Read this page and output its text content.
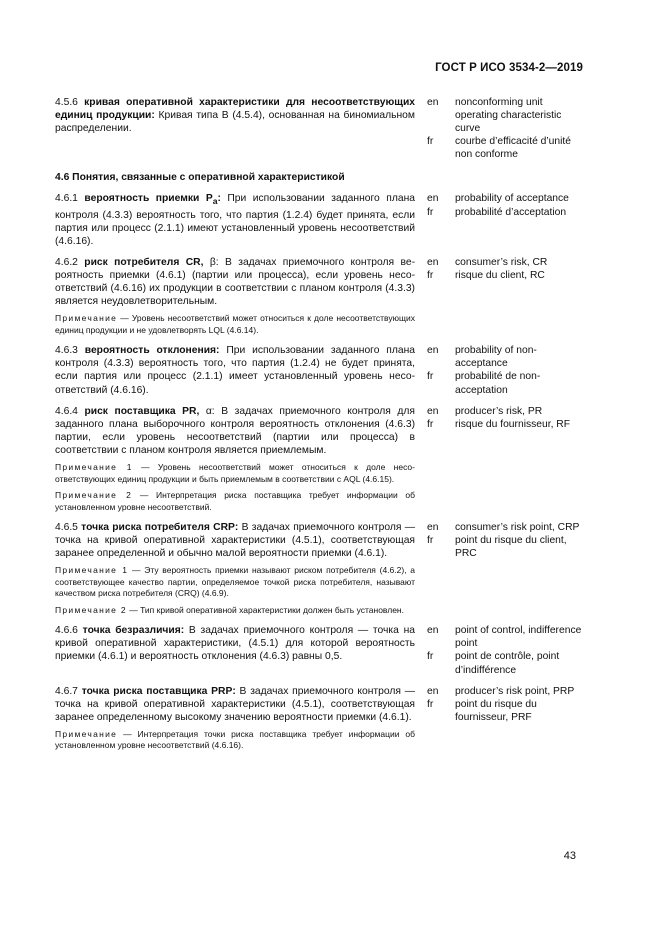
ГОСТ Р ИСО 3534-2—2019
4.5.6 кривая оперативной характеристики для несоответствующих единиц продукции: Кривая типа B (4.5.4), основанная на биномиальном распределении.
en	nonconforming unit operating characteristic curve
fr	courbe d’efficacité d’unité non conforme
4.6 Понятия, связанные с оперативной характеристикой
4.6.1 вероятность приемки $P_a$: При использовании заданного плана контроля (4.3.3) вероятность того, что партия (1.2.4) будет принята, если партия или процесс (2.1.1) имеют установленный уровень несоответствий (4.6.16).
en	probability of acceptance
fr	probabilité d’acceptation
4.6.2 риск потребителя CR, β: В задачах приемочного контроля вероятность приемки (4.6.1) (партии или процесса), если уровень несоответствий (4.6.16) их продукции в соответствии с планом контроля (4.3.3) является неудовлетворительным.
en	consumer’s risk, CR
fr	risque du client, RC
Примечание — Уровень несоответствий может относиться к доле несоответствующих единиц продукции и не удовлетворять LQL (4.6.14).
4.6.3 вероятность отклонения: При использовании заданного плана контроля (4.3.3) вероятность того, что партия (1.2.4) не будет принята, если партия или процесс (2.1.1) имеет установленный уровень несоответствий (4.6.16).
en	probability of non-acceptance
fr	probabilité de non-acceptation
4.6.4 риск поставщика PR, α: В задачах приемочного контроля для заданного плана выборочного контроля вероятность отклонения (4.6.3) партии, если уровень несоответствий (партии или процесса) в соответствии с планом контроля является приемлемым.
en	producer’s risk, PR
fr	risque du fournisseur, RF
Примечание 1 — Уровень несоответствий может относиться к доле несоответствующих единиц продукции и быть приемлемым в соответствии с AQL (4.6.15).
Примечание 2 — Интерпретация риска поставщика требует информации об установленном уровне несоответствий.
4.6.5 точка риска потребителя CRP: В задачах приемочного контроля — точка на кривой оперативной характеристики (4.5.1), соответствующая заранее определенной и обычно малой вероятности приемки (4.6.1).
en	consumer’s risk point, CRP
fr	point du risque du client, PRC
Примечание 1 — Эту вероятность приемки называют риском потребителя (4.6.2), а соответствующее качество партии, определяемое точкой риска потребителя, называют качеством риска потребителя (CRQ) (4.6.9).
Примечание 2 — Тип кривой оперативной характеристики должен быть установлен.
4.6.6 точка безразличия: В задачах приемочного контроля — точка на кривой оперативной характеристики, (4.5.1) для которой вероятность приемки (4.6.1) и вероятность отклонения (4.6.3) равны 0,5.
en	point of control, indifference point
fr	point de contrôle, point d’indifférence
4.6.7 точка риска поставщика PRP: В задачах приемочного контроля — точка на кривой оперативной характеристики (4.5.1), соответствующая заранее определенному высокому значению вероятности приемки (4.6.1).
en	producer’s risk point, PRP
fr	point du risque du fournisseur, PRF
Примечание — Интерпретация точки риска поставщика требует информации об установленном уровне несоответствий (4.6.16).
43
